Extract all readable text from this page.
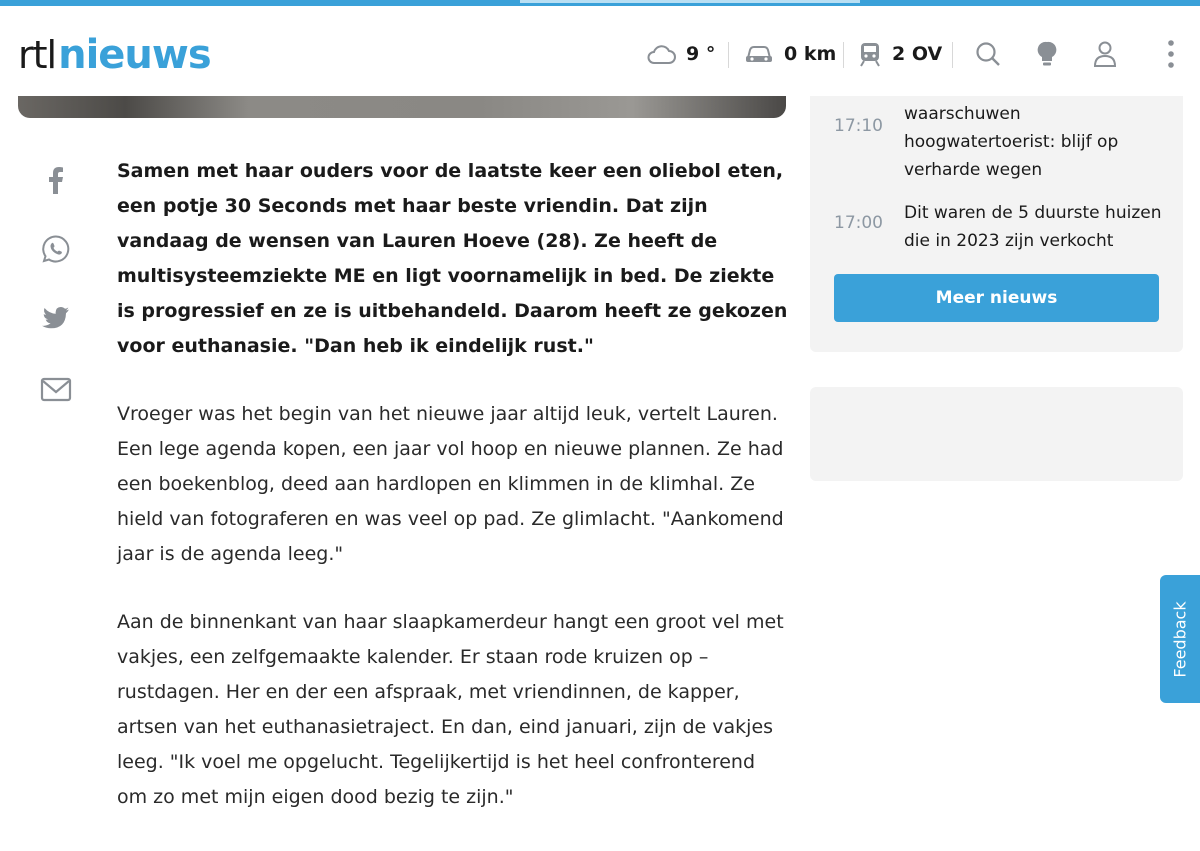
rtl nieuws	9 °	0 km	2 OV

Samen met haar ouders voor de laatste keer een oliebol eten, een potje 30 Seconds met haar beste vriendin. Dat zijn vandaag de wensen van Lauren Hoeve (28). Ze heeft de multisysteemziekte ME en ligt voornamelijk in bed. De ziekte is progressief en ze is uitbehandeld. Daarom heeft ze gekozen voor euthanasie. "Dan heb ik eindelijk rust."

Vroeger was het begin van het nieuwe jaar altijd leuk, vertelt Lauren. Een lege agenda kopen, een jaar vol hoop en nieuwe plannen. Ze had een boekenblog, deed aan hardlopen en klimmen in de klimhal. Ze hield van fotograferen en was veel op pad. Ze glimlacht. "Aankomend jaar is de agenda leeg."

Aan de binnenkant van haar slaapkamerdeur hangt een groot vel met vakjes, een zelfgemaakte kalender. Er staan rode kruizen op – rustdagen. Her en der een afspraak, met vriendinnen, de kapper, artsen van het euthanasietraject. En dan, eind januari, zijn de vakjes leeg. "Ik voel me opgelucht. Tegelijkertijd is het heel confronterend om zo met mijn eigen dood bezig te zijn."

17:10
waarschuwen hoogwatertoerist: blijf op verharde wegen
17:00	Dit waren de 5 duurste huizen die in 2023 zijn verkocht
Meer nieuws
Feedback
